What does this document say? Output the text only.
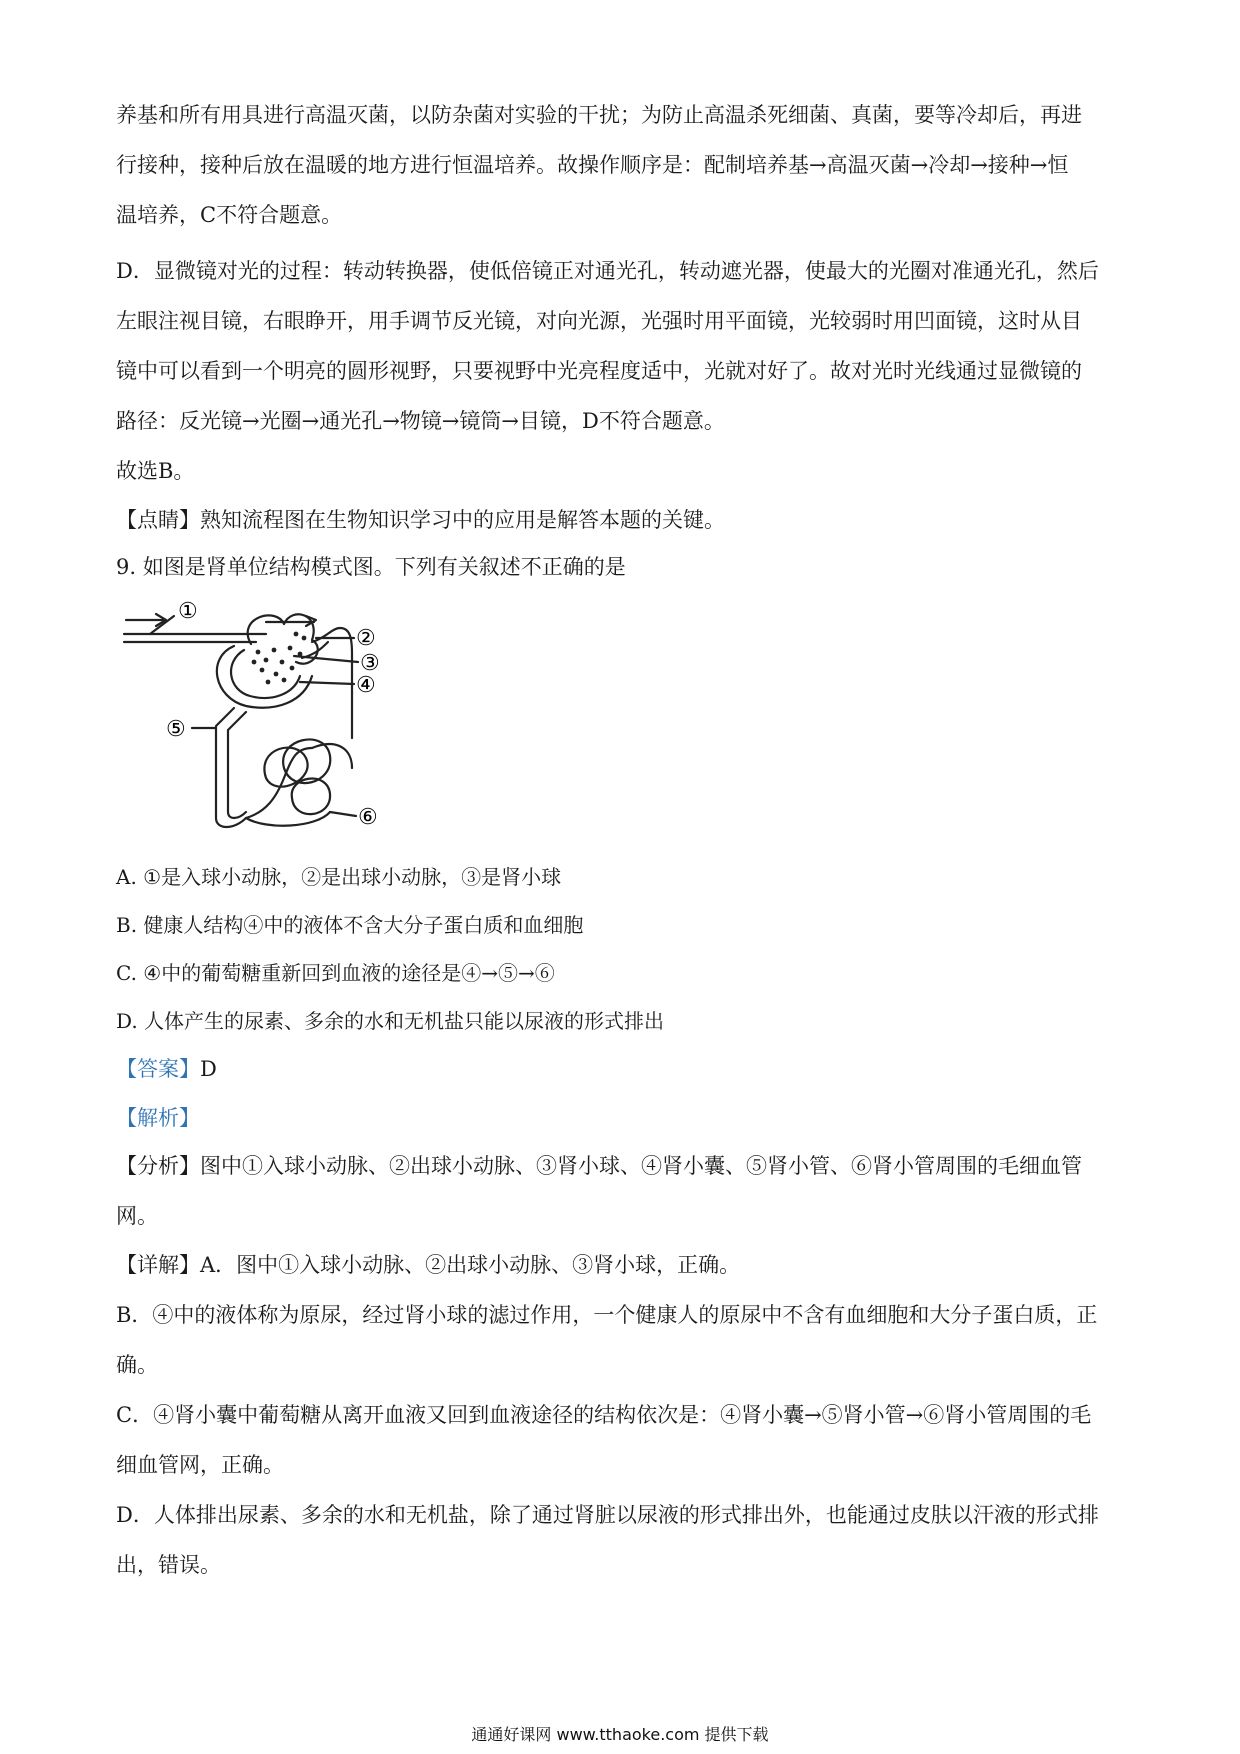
养基和所有用具进行高温灭菌，以防杂菌对实验的干扰；为防止高温杀死细菌、真菌，要等冷却后，再进
行接种，接种后放在温暖的地方进行恒温培养。故操作顺序是：配制培养基→高温灭菌→冷却→接种→恒
温培养，C不符合题意。
D．显微镜对光的过程：转动转换器，使低倍镜正对通光孔，转动遮光器，使最大的光圈对准通光孔，然后
左眼注视目镜，右眼睁开，用手调节反光镜，对向光源，光强时用平面镜，光较弱时用凹面镜，这时从目
镜中可以看到一个明亮的圆形视野，只要视野中光亮程度适中，光就对好了。故对光时光线通过显微镜的
路径：反光镜→光圈→通光孔→物镜→镜筒→目镜，D不符合题意。
故选B。
【点睛】熟知流程图在生物知识学习中的应用是解答本题的关键。
9. 如图是肾单位结构模式图。下列有关叙述不正确的是
①
②
③
④
⑤
⑥
A. ①是入球小动脉，②是出球小动脉，③是肾小球
B. 健康人结构④中的液体不含大分子蛋白质和血细胞
C. ④中的葡萄糖重新回到血液的途径是④→⑤→⑥
D. 人体产生的尿素、多余的水和无机盐只能以尿液的形式排出
【答案】D
【解析】
【分析】图中①入球小动脉、②出球小动脉、③肾小球、④肾小囊、⑤肾小管、⑥肾小管周围的毛细血管
网。
【详解】A．图中①入球小动脉、②出球小动脉、③肾小球，正确。
B．④中的液体称为原尿，经过肾小球的滤过作用，一个健康人的原尿中不含有血细胞和大分子蛋白质，正
确。
C．④肾小囊中葡萄糖从离开血液又回到血液途径的结构依次是：④肾小囊→⑤肾小管→⑥肾小管周围的毛
细血管网，正确。
D．人体排出尿素、多余的水和无机盐，除了通过肾脏以尿液的形式排出外，也能通过皮肤以汗液的形式排
出，错误。
通通好课网 www.tthaoke.com 提供下载
